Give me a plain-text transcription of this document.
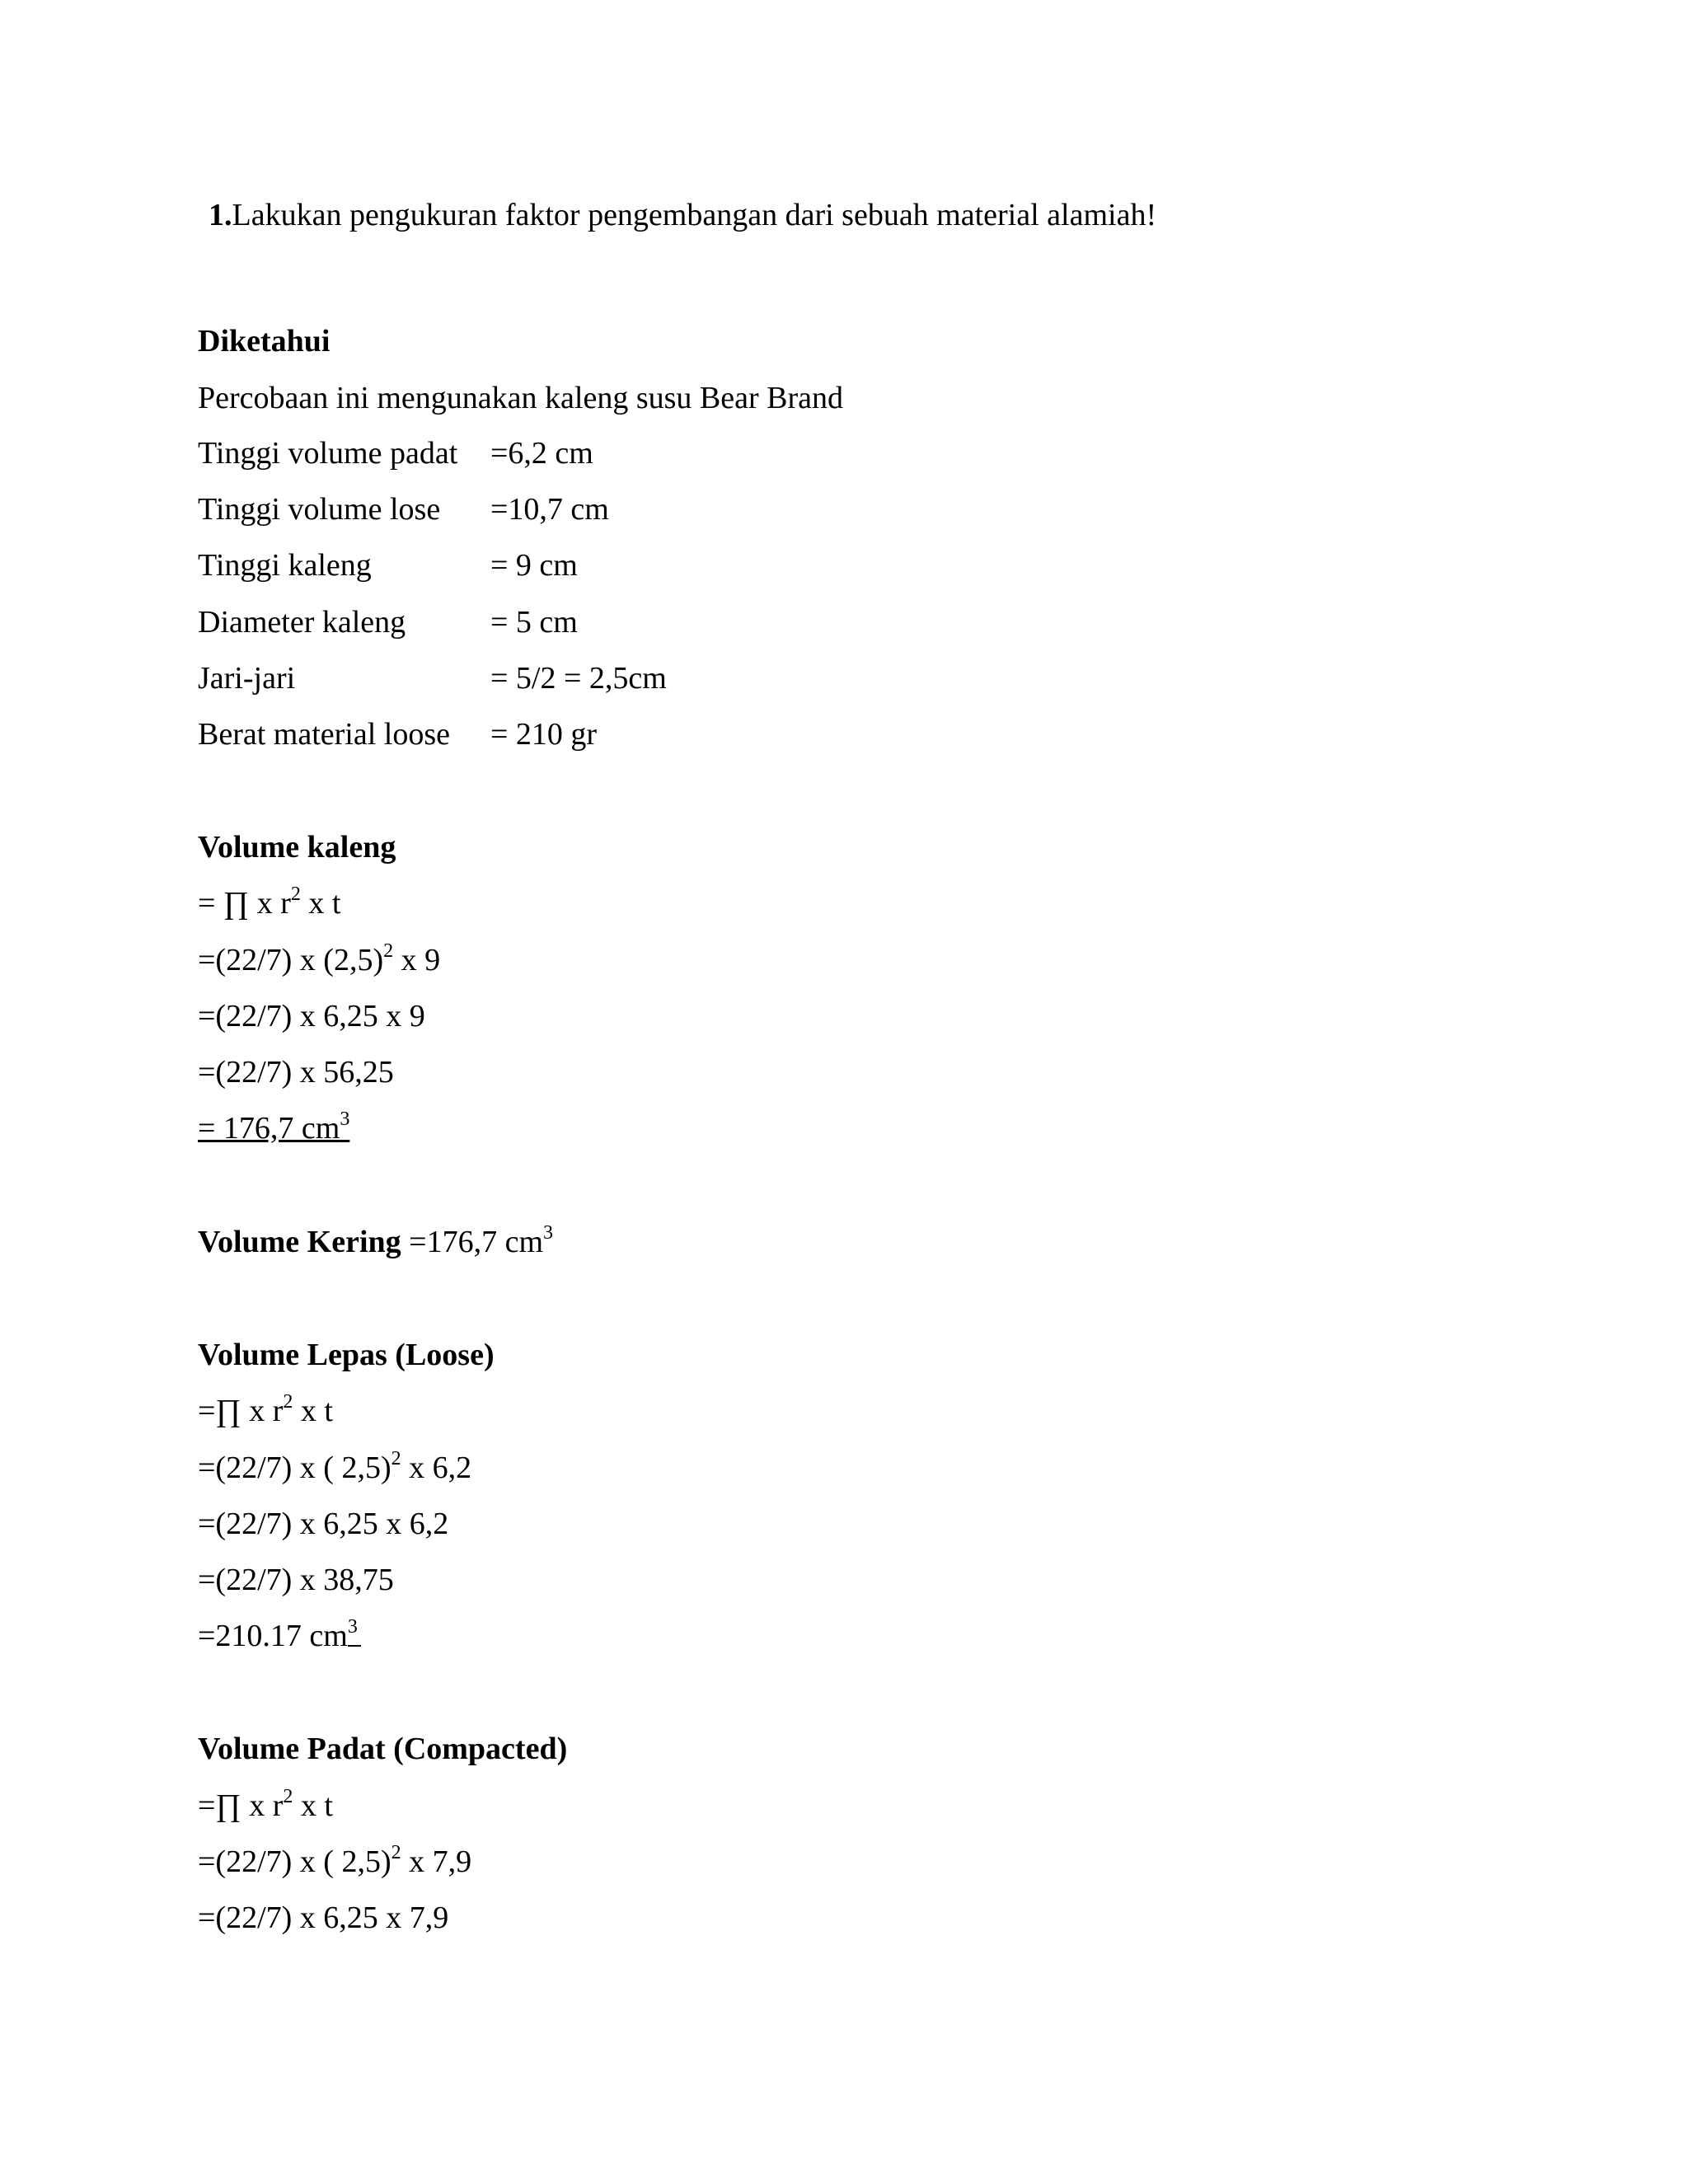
1.Lakukan pengukuran faktor pengembangan dari sebuah material alamiah!
Diketahui
Percobaan ini mengunakan kaleng susu Bear Brand
Tinggi volume padat =6,2 cm
Tinggi volume lose =10,7 cm
Tinggi kaleng	= 9 cm
Diameter kaleng	= 5 cm
Jari-jari	= 5/2 = 2,5cm
Berat material loose = 210 gr
Volume kaleng
= ∏ x $r^2$ x t
=(22/7) x $(2,5)^2$ x 9
=(22/7) x 6,25 x 9
=(22/7) x 56,25
= 176,7 $cm^3$
Volume Kering =176,7 $cm^3$
Volume Lepas (Loose)
=∏ x $r^2$ x t
=(22/7) x ( 2,5)$^2$ x 6,2
=(22/7) x 6,25 x 6,2
=(22/7) x 38,75
=210.17 $cm^3$
Volume Padat (Compacted)
=∏ x $r^2$ x t
=(22/7) x ( 2,5)$^2$ x 7,9
=(22/7) x 6,25 x 7,9
